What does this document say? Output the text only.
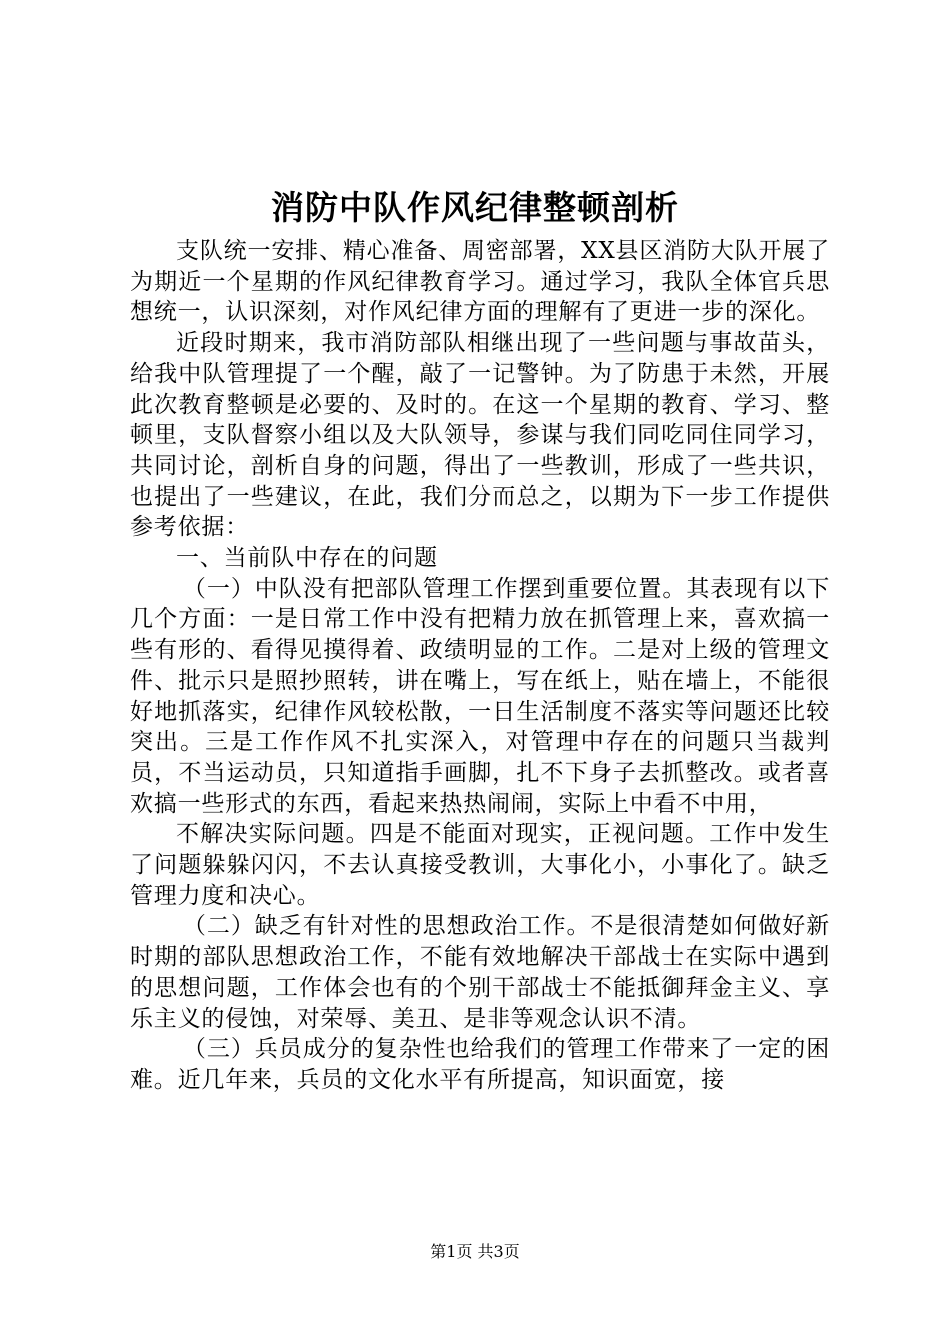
消防中队作风纪律整顿剖析

支队统一安排、精心准备、周密部署，XX县区消防大队开展了为期近一个星期的作风纪律教育学习。通过学习，我队全体官兵思想统一，认识深刻，对作风纪律方面的理解有了更进一步的深化。

近段时期来，我市消防部队相继出现了一些问题与事故苗头，给我中队管理提了一个醒，敲了一记警钟。为了防患于未然，开展此次教育整顿是必要的、及时的。在这一个星期的教育、学习、整顿里，支队督察小组以及大队领导，参谋与我们同吃同住同学习，共同讨论，剖析自身的问题，得出了一些教训，形成了一些共识，也提出了一些建议，在此，我们分而总之，以期为下一步工作提供参考依据：

一、当前队中存在的问题

（一）中队没有把部队管理工作摆到重要位置。其表现有以下几个方面：一是日常工作中没有把精力放在抓管理上来，喜欢搞一些有形的、看得见摸得着、政绩明显的工作。二是对上级的管理文件、批示只是照抄照转，讲在嘴上，写在纸上，贴在墙上，不能很好地抓落实，纪律作风较松散，一日生活制度不落实等问题还比较突出。三是工作作风不扎实深入，对管理中存在的问题只当裁判员，不当运动员，只知道指手画脚，扎不下身子去抓整改。或者喜欢搞一些形式的东西，看起来热热闹闹，实际上中看不中用，

不解决实际问题。四是不能面对现实，正视问题。工作中发生了问题躲躲闪闪，不去认真接受教训，大事化小，小事化了。缺乏管理力度和决心。

（二）缺乏有针对性的思想政治工作。不是很清楚如何做好新时期的部队思想政治工作，不能有效地解决干部战士在实际中遇到的思想问题，工作体会也有的个别干部战士不能抵御拜金主义、享乐主义的侵蚀，对荣辱、美丑、是非等观念认识不清。

（三）兵员成分的复杂性也给我们的管理工作带来了一定的困难。近几年来，兵员的文化水平有所提高，知识面宽，接

第1页 共3页
